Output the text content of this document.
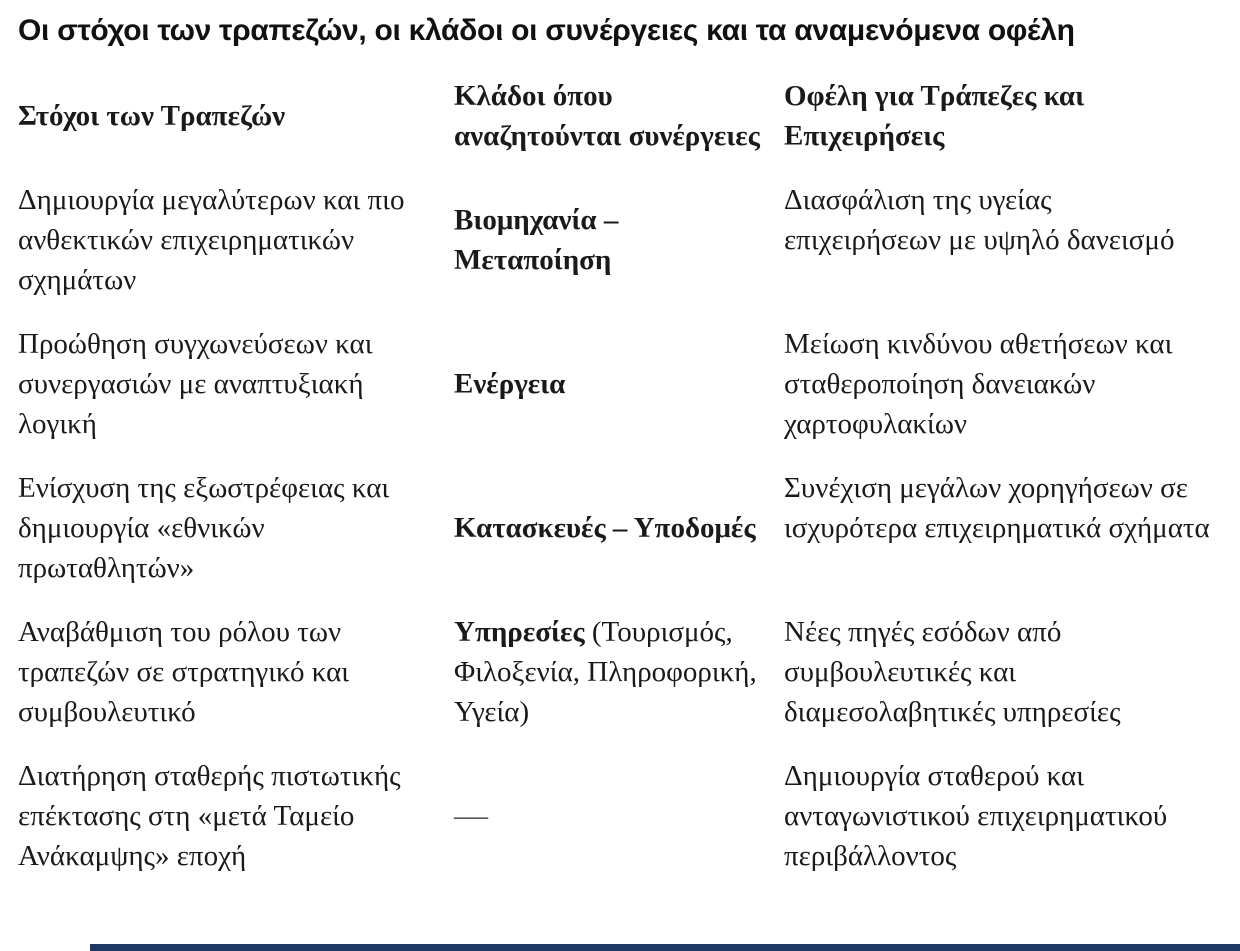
Οι στόχοι των τραπεζών, οι κλάδοι οι συνέργειες και τα αναμενόμενα οφέλη
Στόχοι των Τραπεζών	Κλάδοι όπου αναζητούνται συνέργειες	Οφέλη για Τράπεζες και Επιχειρήσεις
Δημιουργία μεγαλύτερων και πιο ανθεκτικών επιχειρηματικών σχημάτων	Βιομηχανία – Μεταποίηση	Διασφάλιση της υγείας επιχειρήσεων με υψηλό δανεισμό
Προώθηση συγχωνεύσεων και συνεργασιών με αναπτυξιακή λογική	Ενέργεια	Μείωση κινδύνου αθετήσεων και σταθεροποίηση δανειακών χαρτοφυλακίων
Ενίσχυση της εξωστρέφειας και δημιουργία «εθνικών πρωταθλητών»	Κατασκευές – Υποδομές	Συνέχιση μεγάλων χορηγήσεων σε ισχυρότερα επιχειρηματικά σχήματα
Αναβάθμιση του ρόλου των τραπεζών σε στρατηγικό και συμβουλευτικό	Υπηρεσίες (Τουρισμός, Φιλοξενία, Πληροφορική, Υγεία)	Νέες πηγές εσόδων από συμβουλευτικές και διαμεσολαβητικές υπηρεσίες
Διατήρηση σταθερής πιστωτικής επέκτασης στη «μετά Ταμείο Ανάκαμψης» εποχή	—	Δημιουργία σταθερού και ανταγωνιστικού επιχειρηματικού περιβάλλοντος
